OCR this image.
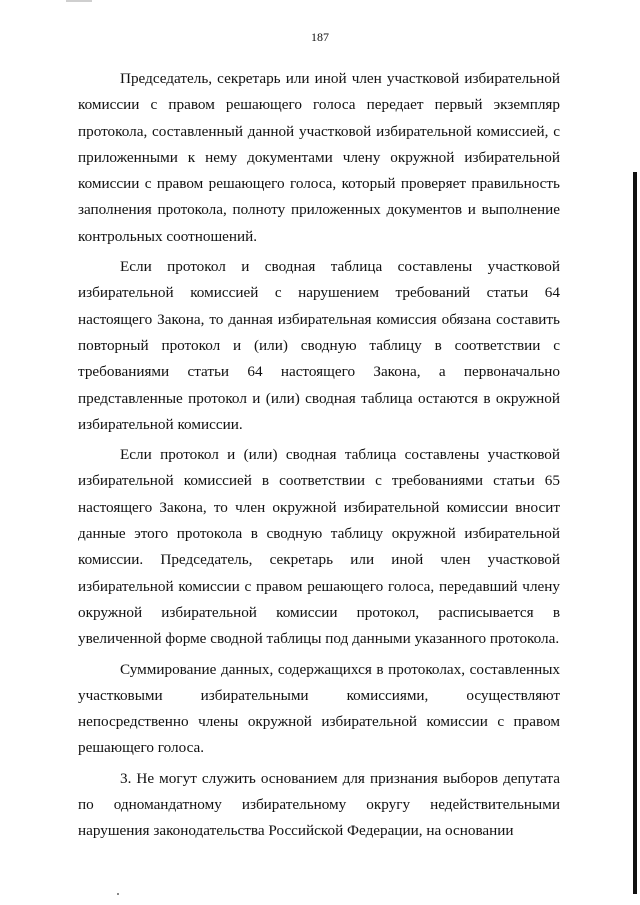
187

Председатель, секретарь или иной член участковой избирательной комиссии с правом решающего голоса передает первый экземпляр протокола, составленный данной участковой избирательной комиссией, с приложенными к нему документами члену окружной избирательной комиссии с правом решающего голоса, который проверяет правильность заполнения протокола, полноту приложенных документов и выполнение контрольных соотношений.

Если протокол и сводная таблица составлены участковой избирательной комиссией с нарушением требований статьи 64 настоящего Закона, то данная избирательная комиссия обязана составить повторный протокол и (или) сводную таблицу в соответствии с требованиями статьи 64 настоящего Закона, а первоначально представленные протокол и (или) сводная таблица остаются в окружной избирательной комиссии.

Если протокол и (или) сводная таблица составлены участковой избирательной комиссией в соответствии с требованиями статьи 65 настоящего Закона, то член окружной избирательной комиссии вносит данные этого протокола в сводную таблицу окружной избирательной комиссии. Председатель, секретарь или иной член участковой избирательной комиссии с правом решающего голоса, передавший члену окружной избирательной комиссии протокол, расписывается в увеличенной форме сводной таблицы под данными указанного протокола.

Суммирование данных, содержащихся в протоколах, составленных участковыми избирательными комиссиями, осуществляют непосредственно члены окружной избирательной комиссии с правом решающего голоса.

3. Не могут служить основанием для признания выборов депутата по одномандатному избирательному округу недействительными нарушения законодательства Российской Федерации, на основании
